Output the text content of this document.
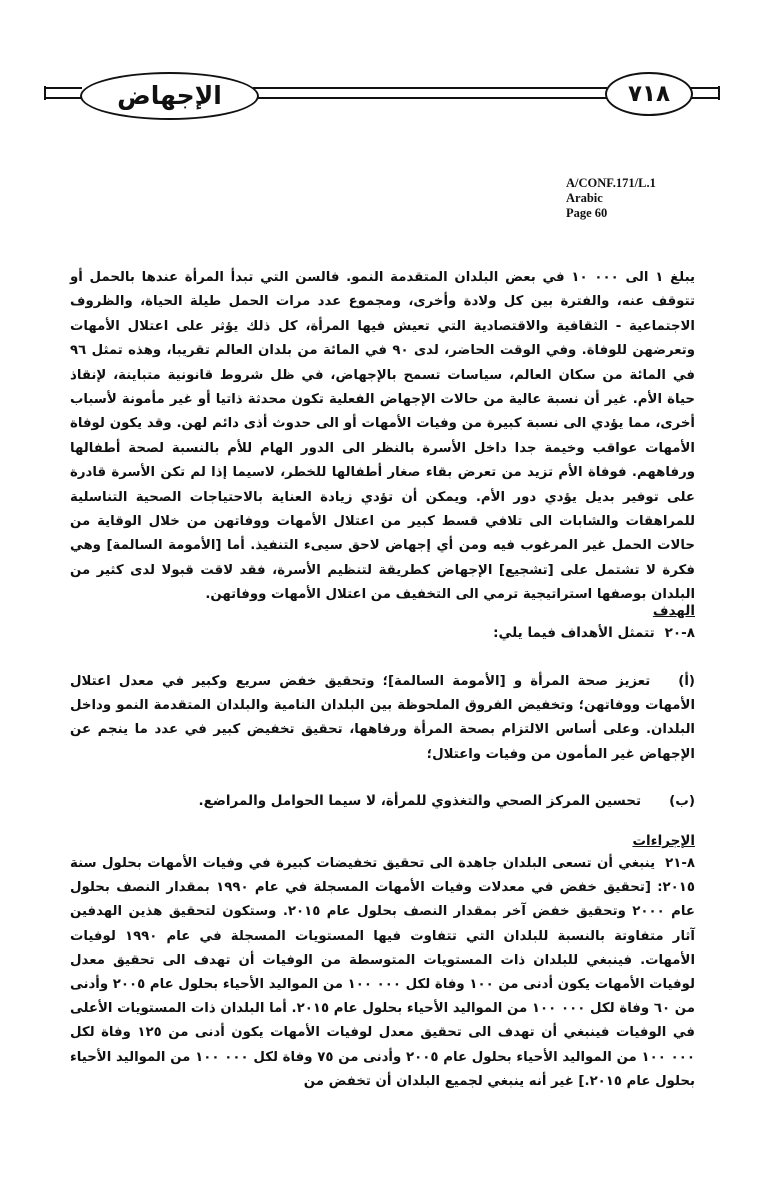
الإجهاض	٧١٨
A/CONF.171/L.1
Arabic
Page 60

يبلغ ١ الى ٠٠٠ ١٠ في بعض البلدان المتقدمة النمو. فالسن التي تبدأ المرأة عندها بالحمل أو تتوقف عنه، والفترة بين كل ولادة وأخرى، ومجموع عدد مرات الحمل طيلة الحياة، والظروف الاجتماعية - الثقافية والاقتصادية التي تعيش فيها المرأة، كل ذلك يؤثر على اعتلال الأمهات وتعرضهن للوفاة. وفي الوقت الحاضر، لدى ٩٠ في المائة من بلدان العالم تقريبا، وهذه تمثل ٩٦ في المائة من سكان العالم، سياسات تسمح بالإجهاض، في ظل شروط قانونية متباينة، لإنقاذ حياة الأم. غير أن نسبة عالية من حالات الإجهاض الفعلية تكون محدثة ذاتيا أو غير مأمونة لأسباب أخرى، مما يؤدي الى نسبة كبيرة من وفيات الأمهات أو الى حدوث أذى دائم لهن. وقد يكون لوفاة الأمهات عواقب وخيمة جدا داخل الأسرة بالنظر الى الدور الهام للأم بالنسبة لصحة أطفالها ورفاههم. فوفاة الأم تزيد من تعرض بقاء صغار أطفالها للخطر، لاسيما إذا لم تكن الأسرة قادرة على توفير بديل يؤدي دور الأم. ويمكن أن تؤدي زيادة العناية بالاحتياجات الصحية التناسلية للمراهقات والشابات الى تلافي قسط كبير من اعتلال الأمهات ووفاتهن من خلال الوقاية من حالات الحمل غير المرغوب فيه ومن أي إجهاض لاحق سيىء التنفيذ. أما [الأمومة السالمة] وهي فكرة لا تشتمل على [تشجيع] الإجهاض كطريقة لتنظيم الأسرة، فقد لاقت قبولا لدى كثير من البلدان بوصفها استراتيجية ترمي الى التخفيف من اعتلال الأمهات ووفاتهن.

الهدف
٨-٢٠تتمثل الأهداف فيما يلي:

(أ)تعزيز صحة المرأة و [الأمومة السالمة]؛ وتحقيق خفض سريع وكبير في معدل اعتلال الأمهات ووفاتهن؛ وتخفيض الفروق الملحوظة بين البلدان النامية والبلدان المتقدمة النمو وداخل البلدان. وعلى أساس الالتزام بصحة المرأة ورفاهها، تحقيق تخفيض كبير في عدد ما ينجم عن الإجهاض غير المأمون من وفيات واعتلال؛

(ب)تحسين المركز الصحي والتغذوي للمرأة، لا سيما الحوامل والمراضع.
الإجراءات

٨-٢١ينبغي أن تسعى البلدان جاهدة الى تحقيق تخفيضات كبيرة في وفيات الأمهات بحلول سنة ٢٠١٥: [تحقيق خفض في معدلات وفيات الأمهات المسجلة في عام ١٩٩٠ بمقدار النصف بحلول عام ٢٠٠٠ وتحقيق خفض آخر بمقدار النصف بحلول عام ٢٠١٥. وستكون لتحقيق هذين الهدفين آثار متفاوتة بالنسبة للبلدان التي تتفاوت فيها المستويات المسجلة في عام ١٩٩٠ لوفيات الأمهات. فينبغي للبلدان ذات المستويات المتوسطة من الوفيات أن تهدف الى تحقيق معدل لوفيات الأمهات يكون أدنى من ١٠٠ وفاة لكل ٠٠٠ ١٠٠ من المواليد الأحياء بحلول عام ٢٠٠٥ وأدنى من ٦٠ وفاة لكل ٠٠٠ ١٠٠ من المواليد الأحياء بحلول عام ٢٠١٥. أما البلدان ذات المستويات الأعلى في الوفيات فينبغي أن تهدف الى تحقيق معدل لوفيات الأمهات يكون أدنى من ١٢٥ وفاة لكل ٠٠٠ ١٠٠ من المواليد الأحياء بحلول عام ٢٠٠٥ وأدنى من ٧٥ وفاة لكل ٠٠٠ ١٠٠ من المواليد الأحياء بحلول عام ٢٠١٥.] غير أنه ينبغي لجميع البلدان أن تخفض من
